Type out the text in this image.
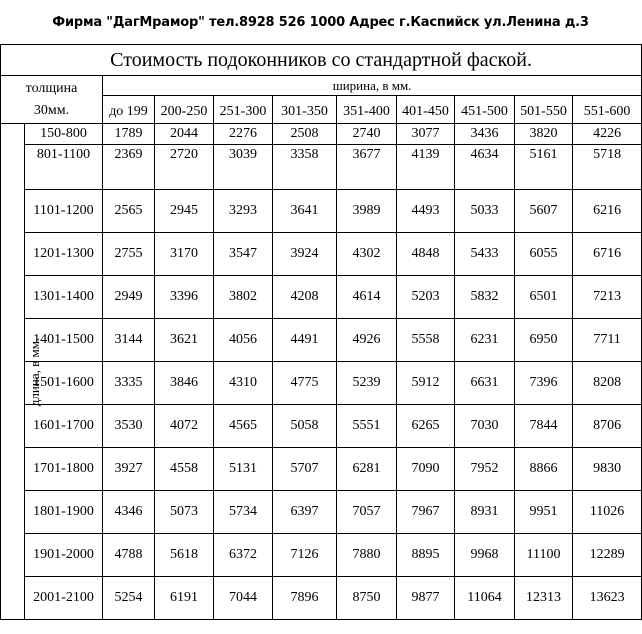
Фирма "ДагМрамор" тел.8928 526 1000 Адрес г.Каспийск ул.Ленина д.3
Стоимость подоконников со стандартной фаской.										
толщина
30мм.		ширина, в мм.								
		до 199	200-250	251-300	301-350	351-400	401-450	451-500	501-550	551-600
длина, в мм.	150-800	1789	2044	2276	2508	2740	3077	3436	3820	4226
	801-1100	2369	2720	3039	3358	3677	4139	4634	5161	5718
	1101-1200	2565	2945	3293	3641	3989	4493	5033	5607	6216
	1201-1300	2755	3170	3547	3924	4302	4848	5433	6055	6716
	1301-1400	2949	3396	3802	4208	4614	5203	5832	6501	7213
	1401-1500	3144	3621	4056	4491	4926	5558	6231	6950	7711
	1501-1600	3335	3846	4310	4775	5239	5912	6631	7396	8208
	1601-1700	3530	4072	4565	5058	5551	6265	7030	7844	8706
	1701-1800	3927	4558	5131	5707	6281	7090	7952	8866	9830
	1801-1900	4346	5073	5734	6397	7057	7967	8931	9951	11026
	1901-2000	4788	5618	6372	7126	7880	8895	9968	11100	12289
	2001-2100	5254	6191	7044	7896	8750	9877	11064	12313	13623
